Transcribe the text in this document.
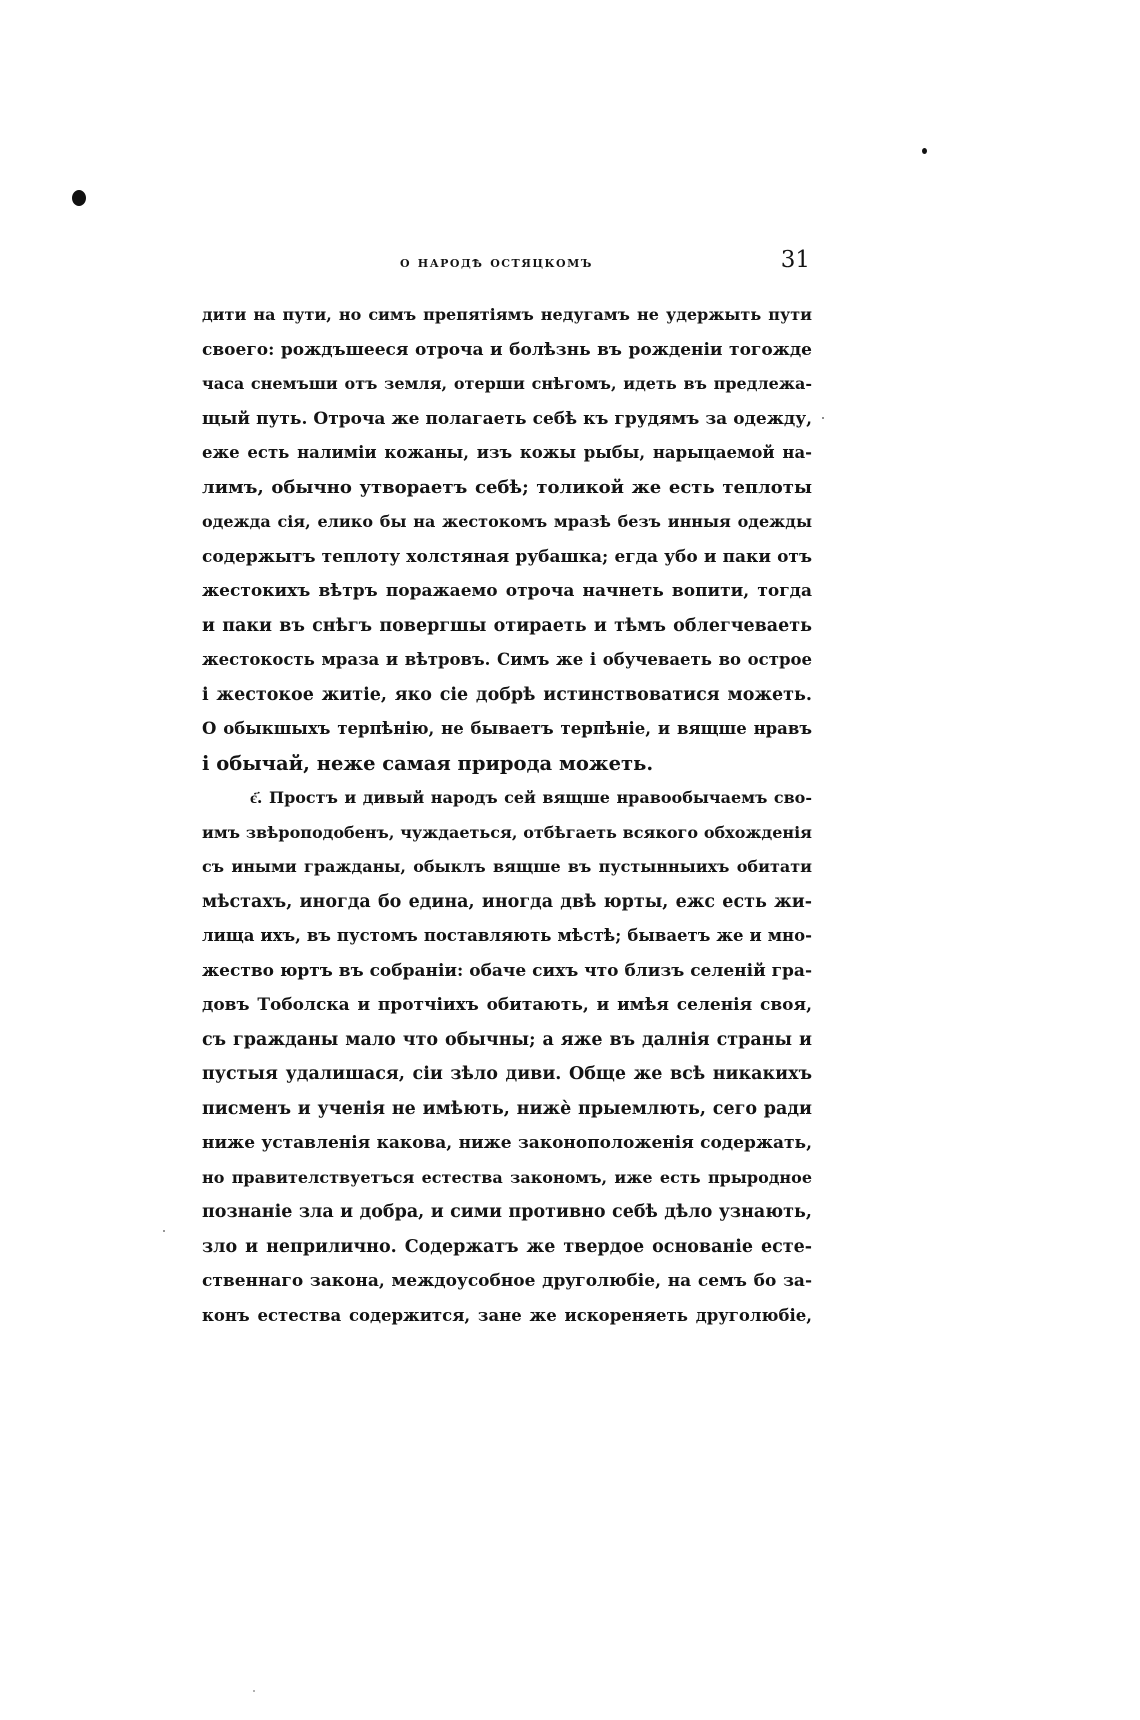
о народѣ остяцкомъ	31
дити на пути, но симъ препятіямъ недугамъ не удержыть пути
своего: рождъшееся отроча и болѣзнь въ рожденіи тогожде
часа снемъши отъ земля, отерши снѣгомъ, идеть въ предлежа-
щый путь. Отроча же полагаеть себѣ къ грудямъ за одежду,
еже есть налимiи кожаны, изъ кожы рыбы, нарыцаемой на-
лимъ, обычно утвораетъ себѣ; толикой же есть теплоты
одежда сія, елико бы на жестокомъ мразѣ безъ инныя одежды
содержытъ теплоту холстяная рубашка; егда убо и паки отъ
жестокихъ вѣтръ поражаемо отроча начнеть вопити, тогда
и паки въ снѣгъ повергшы отираеть и тѣмъ облегчеваеть
жестокость мраза и вѣтровъ. Симъ же і обучеваеть во острое
і жестокое житіе, яко сіе добрѣ истинствоватися можеть.
О обыкшыхъ терпѣнію, не бываетъ терпѣніе, и вящше нравъ
і обычай, неже самая природа можеть.
є҃. Простъ и дивый народъ сей вящше нравообычаемъ сво-
имъ звѣроподобенъ, чуждаеться, отбѣгаеть всякого обхожденія
съ иными гражданы, обыклъ вящше въ пустынныихъ обитати
мѣстахъ, иногда бо едина, иногда двѣ юрты, ежс есть жи-
лища ихъ, въ пустомъ поставляють мѣстѣ; бываетъ же и мно-
жество юртъ въ собраніи: обаче сихъ что близъ селеній гра-
довъ Тоболска и протчіихъ обитають, и имѣя селенія своя,
съ гражданы мало что обычны; а яже въ далнія страны и
пустыя удалишася, сіи зѣло диви. Обще же всѣ никакихъ
писменъ и ученія не имѣють, нижѐ прыемлють, сего ради
ниже уставленія какова, ниже законоположенія содержать,
но правителствуетъся естества закономъ, иже есть прыродное
познаніе зла и добра, и сими противно себѣ дѣло узнають,
зло и неприлично. Содержатъ же твердое основаніе есте-
ственнаго закона, междоусобное дрyголюбіе, на семъ бо за-
конъ естества содержится, зане же искореняеть друголюбіе,
